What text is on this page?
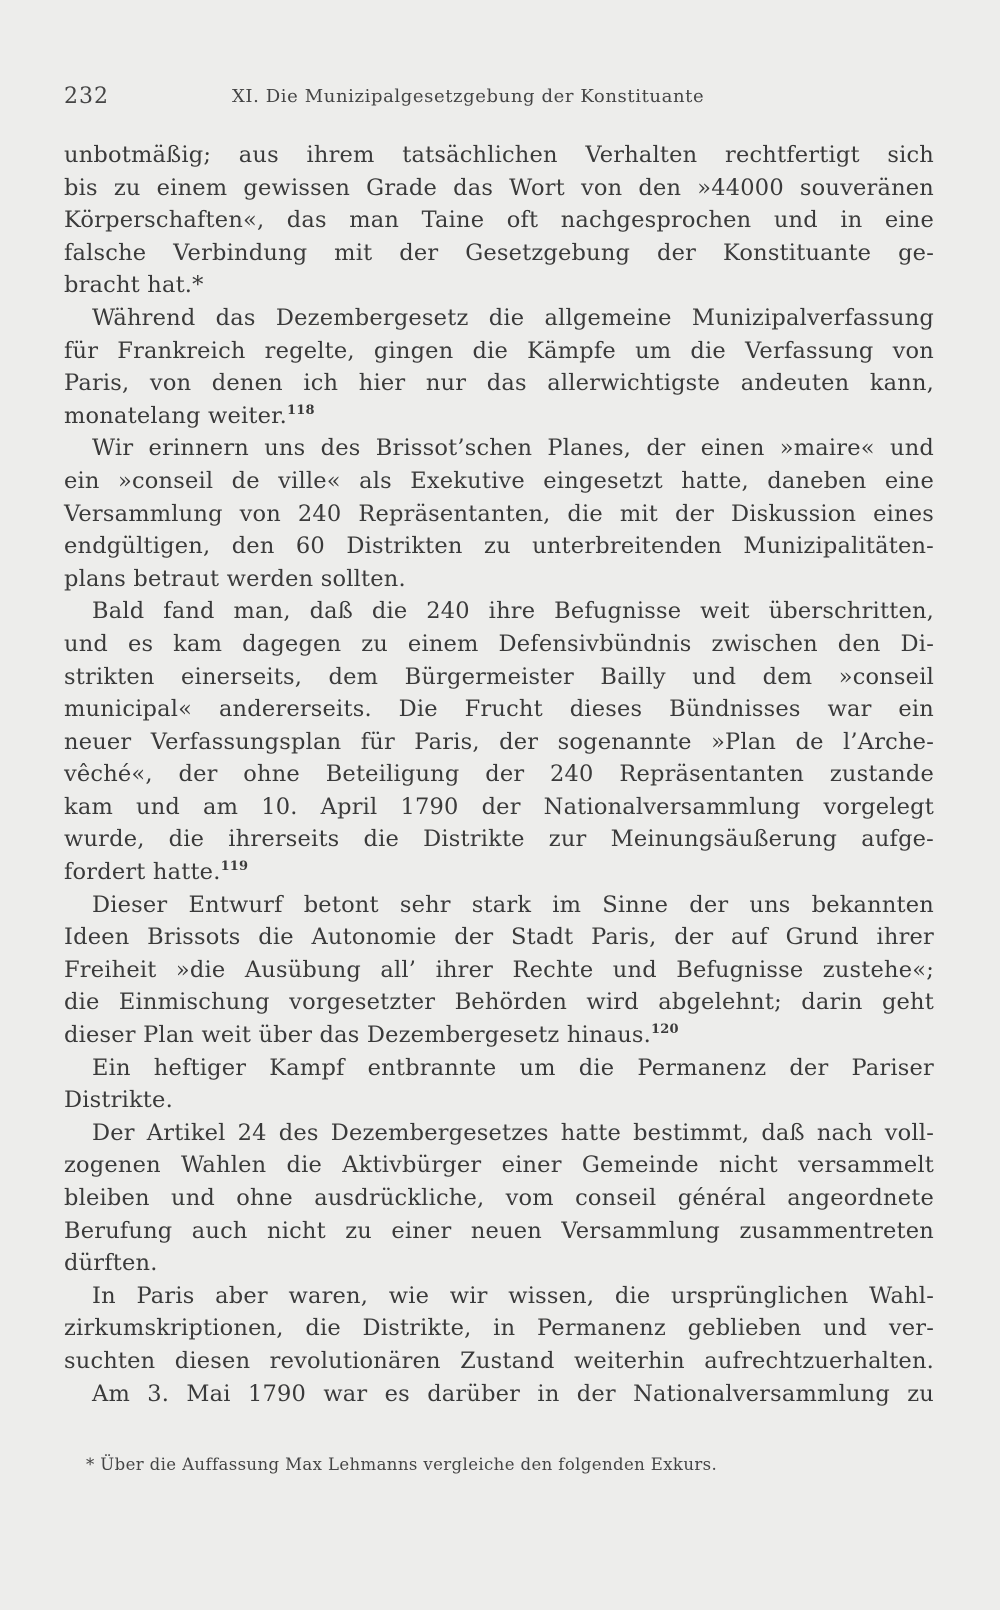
232	XI. Die Munizipalgesetzgebung der Konstituante
unbotmäßig; aus ihrem tatsächlichen Verhalten rechtfertigt sich
bis zu einem gewissen Grade das Wort von den »44000 souveränen
Körperschaften«, das man Taine oft nachgesprochen und in eine
falsche Verbindung mit der Gesetzgebung der Konstituante ge-
bracht hat.*
Während das Dezembergesetz die allgemeine Munizipalverfassung
für Frankreich regelte, gingen die Kämpfe um die Verfassung von
Paris, von denen ich hier nur das allerwichtigste andeuten kann,
monatelang weiter.$^{118}$
Wir erinnern uns des Brissot’schen Planes, der einen »maire« und
ein »conseil de ville« als Exekutive eingesetzt hatte, daneben eine
Versammlung von 240 Repräsentanten, die mit der Diskussion eines
endgültigen, den 60 Distrikten zu unterbreitenden Munizipalitäten-
plans betraut werden sollten.
Bald fand man, daß die 240 ihre Befugnisse weit überschritten,
und es kam dagegen zu einem Defensivbündnis zwischen den Di-
strikten einerseits, dem Bürgermeister Bailly und dem »conseil
municipal« andererseits. Die Frucht dieses Bündnisses war ein
neuer Verfassungsplan für Paris, der sogenannte »Plan de l’Arche-
vêché«, der ohne Beteiligung der 240 Repräsentanten zustande
kam und am 10. April 1790 der Nationalversammlung vorgelegt
wurde, die ihrerseits die Distrikte zur Meinungsäußerung aufge-
fordert hatte.$^{119}$
Dieser Entwurf betont sehr stark im Sinne der uns bekannten
Ideen Brissots die Autonomie der Stadt Paris, der auf Grund ihrer
Freiheit »die Ausübung all’ ihrer Rechte und Befugnisse zustehe«;
die Einmischung vorgesetzter Behörden wird abgelehnt; darin geht
dieser Plan weit über das Dezembergesetz hinaus.$^{120}$
Ein heftiger Kampf entbrannte um die Permanenz der Pariser
Distrikte.
Der Artikel 24 des Dezembergesetzes hatte bestimmt, daß nach voll-
zogenen Wahlen die Aktivbürger einer Gemeinde nicht versammelt
bleiben und ohne ausdrückliche, vom conseil général angeordnete
Berufung auch nicht zu einer neuen Versammlung zusammentreten
dürften.
In Paris aber waren, wie wir wissen, die ursprünglichen Wahl-
zirkumskriptionen, die Distrikte, in Permanenz geblieben und ver-
suchten diesen revolutionären Zustand weiterhin aufrechtzuerhalten.
Am 3. Mai 1790 war es darüber in der Nationalversammlung zu
* Über die Auffassung Max Lehmanns vergleiche den folgenden Exkurs.
